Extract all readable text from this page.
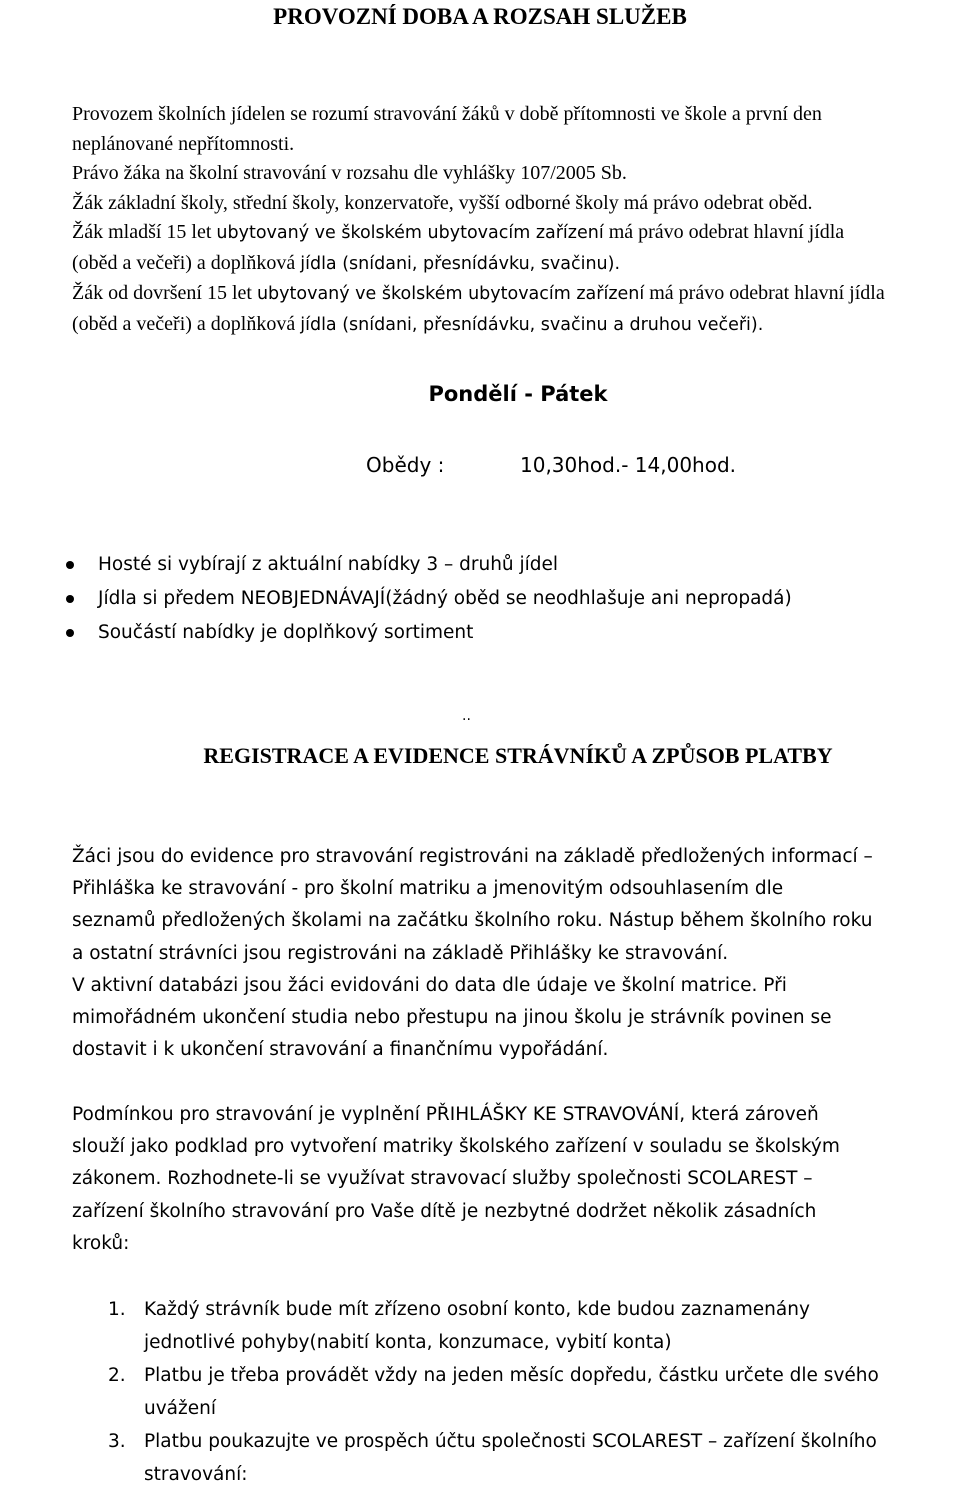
PROVOZNÍ DOBA A ROZSAH SLUŽEB

Provozem školních jídelen se rozumí stravování žáků v době přítomnosti ve škole a první den

neplánované nepřítomnosti.

Právo žáka na školní stravování v rozsahu dle vyhlášky 107/2005 Sb.

Žák základní školy, střední školy, konzervatoře, vyšší odborné školy má právo odebrat oběd.

Žák mladší 15 let ubytovaný ve školském ubytovacím zařízení má právo odebrat hlavní jídla

(oběd a večeři) a doplňková jídla (snídani, přesnídávku, svačinu).

Žák od dovršení 15 let ubytovaný ve školském ubytovacím zařízení má právo odebrat hlavní jídla

(oběd a večeři) a doplňková jídla (snídani, přesnídávku, svačinu a druhou večeři).

Pondělí - Pátek
Obědy :	10,30hod.- 14,00hod.
Hosté si vybírají z aktuální nabídky 3 – druhů jídel
Jídla si předem NEOBJEDNÁVAJÍ(žádný oběd se neodhlašuje ani nepropadá)
Součástí nabídky je doplňkový sortiment
..
REGISTRACE A EVIDENCE STRÁVNÍKŮ A ZPŮSOB PLATBY

Žáci jsou do evidence pro stravování registrováni na základě předložených informací –

Přihláška ke stravování - pro školní matriku a jmenovitým odsouhlasením dle

seznamů předložených školami na začátku školního roku. Nástup během školního roku

a ostatní strávníci jsou registrováni na základě Přihlášky ke stravování.

V aktivní databázi jsou žáci evidováni do data dle údaje ve školní matrice. Při

mimořádném ukončení studia nebo přestupu na jinou školu je strávník povinen se

dostavit i k ukončení stravování a finančnímu vypořádání.

Podmínkou pro stravování je vyplnění PŘIHLÁŠKY KE STRAVOVÁNÍ, která zároveň

slouží jako podklad pro vytvoření matriky školského zařízení v souladu se školským

zákonem. Rozhodnete-li se využívat stravovací služby společnosti SCOLAREST –

zařízení školního stravování pro Vaše dítě je nezbytné dodržet několik zásadních

kroků:

1. Každý strávník bude mít zřízeno osobní konto, kde budou zaznamenány
jednotlivé pohyby(nabití konta, konzumace, vybití konta)
2. Platbu je třeba provádět vždy na jeden měsíc dopředu, částku určete dle svého
uvážení
3. Platbu poukazujte ve prospěch účtu společnosti SCOLAREST – zařízení školního
stravování:
